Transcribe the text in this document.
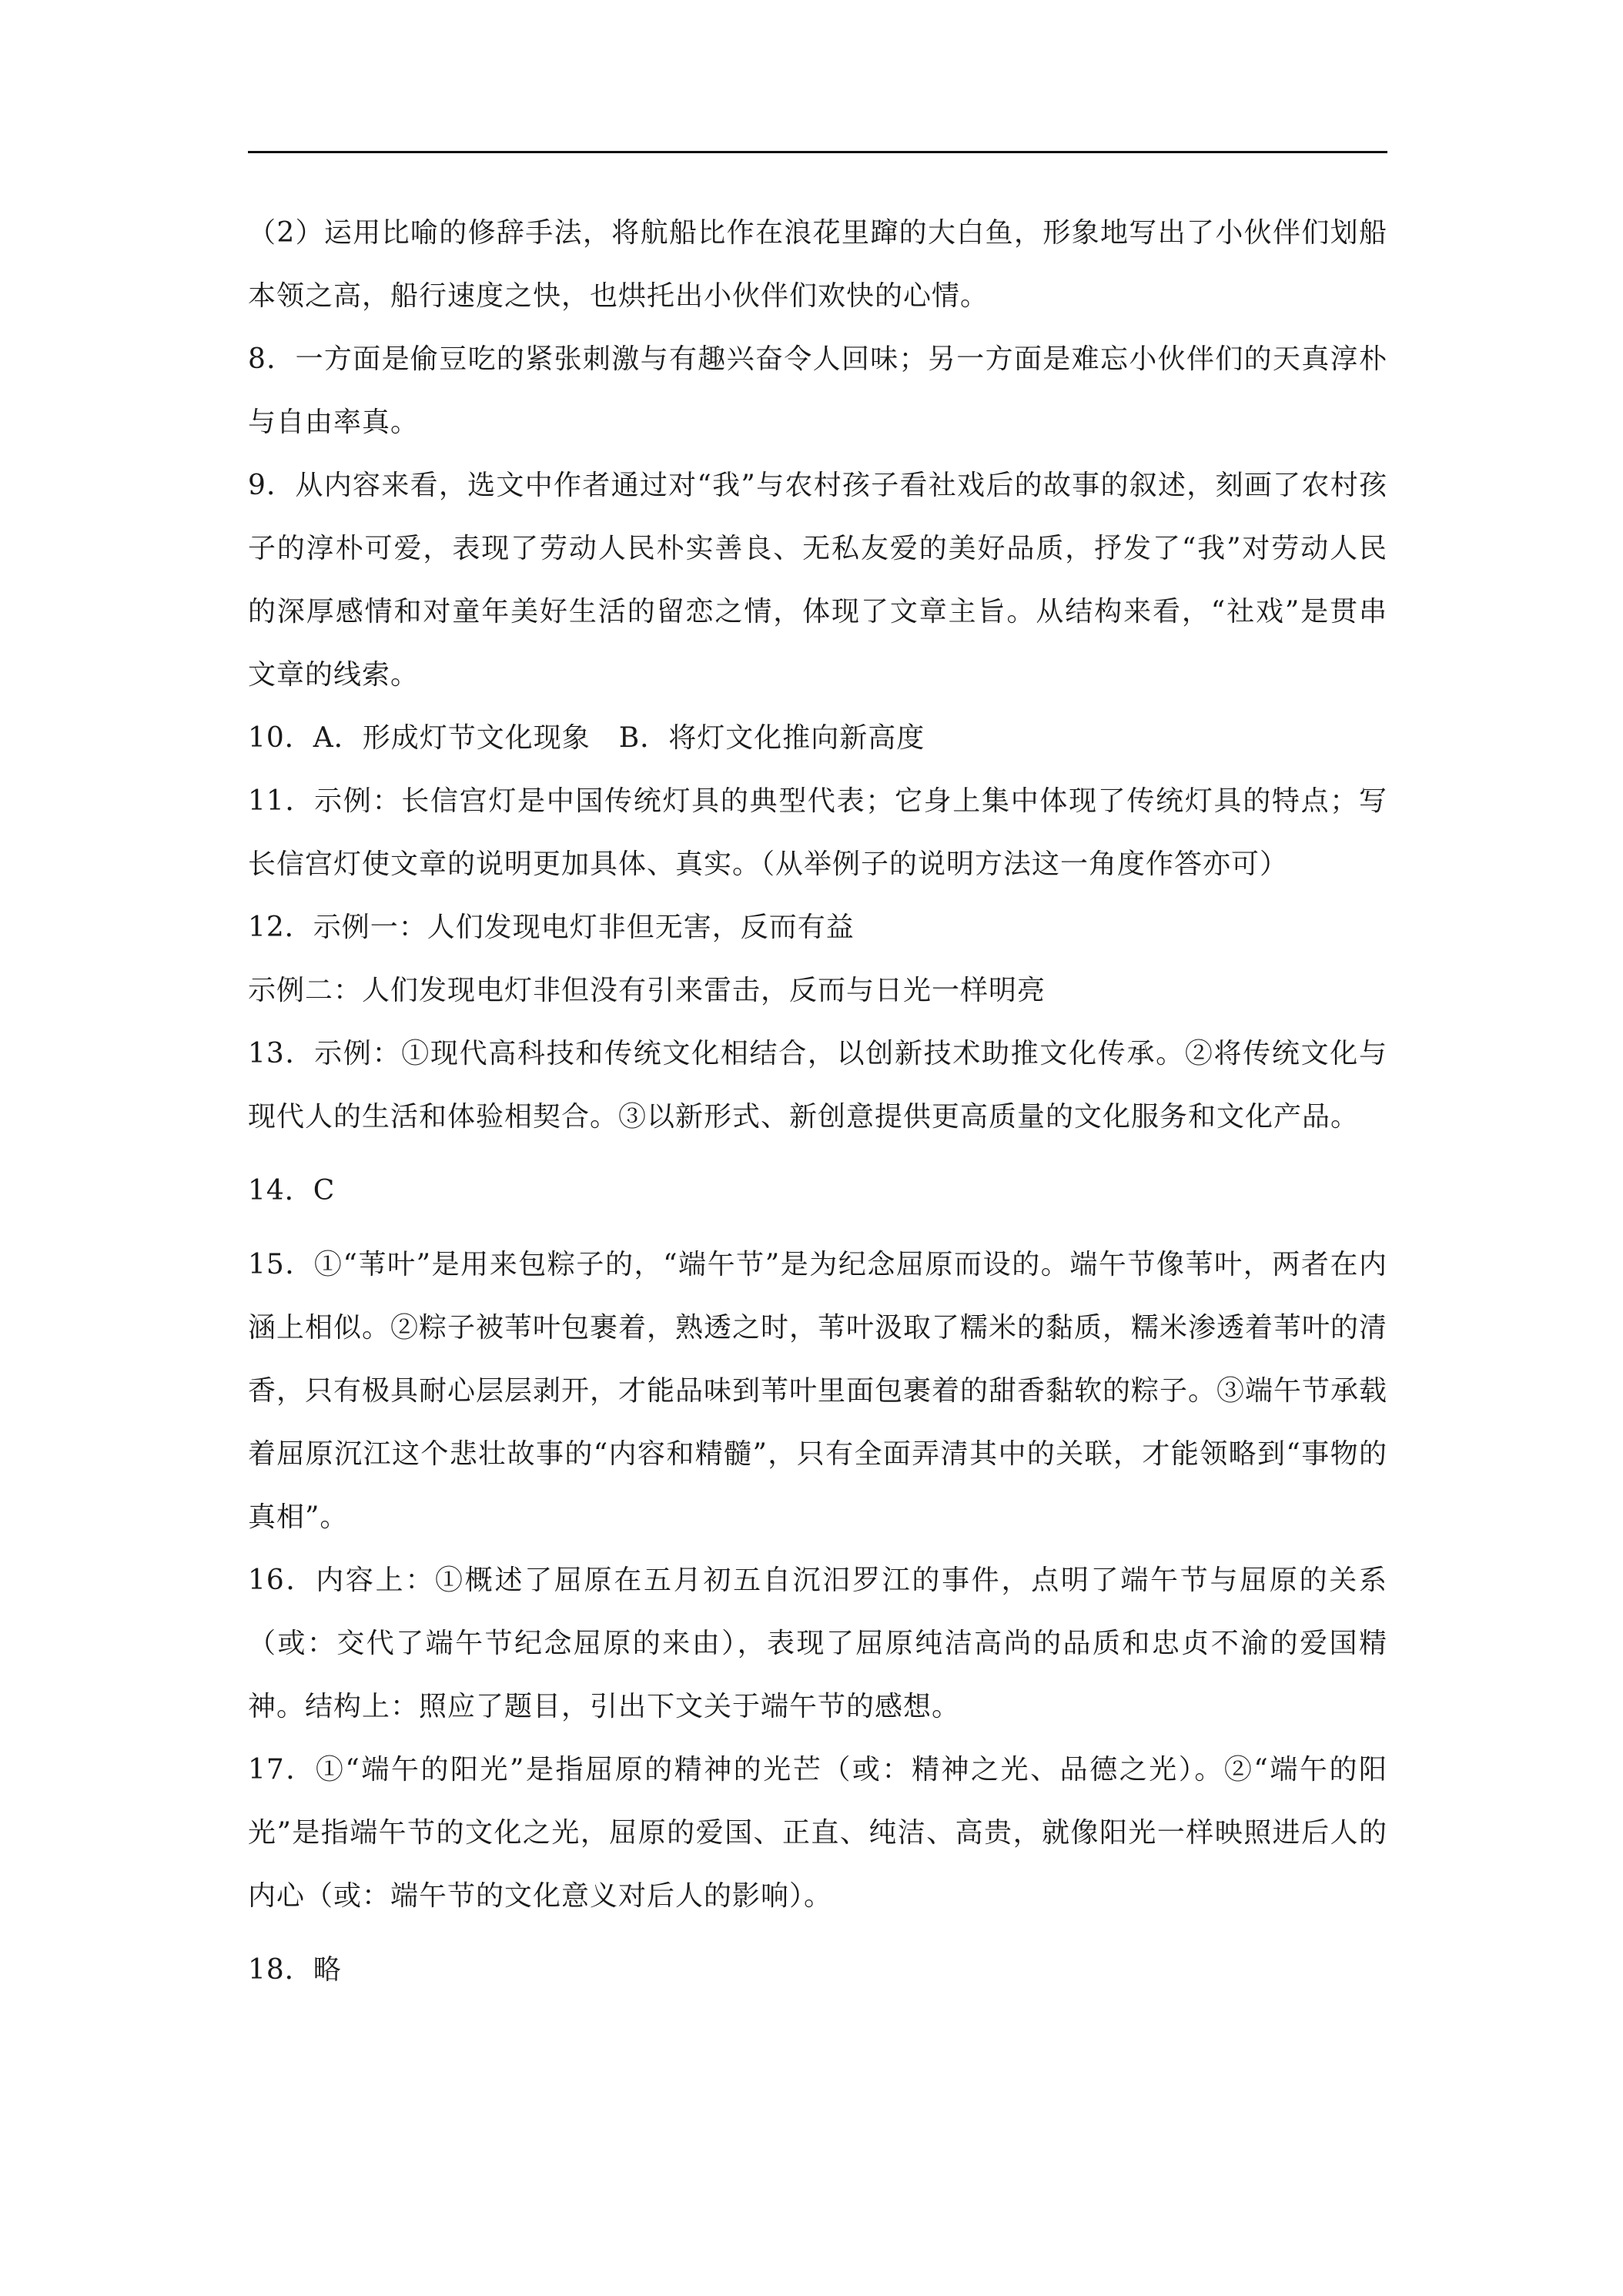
（2）运用比喻的修辞手法，将航船比作在浪花里蹿的大白鱼，形象地写出了小伙伴们划船本领之高，船行速度之快，也烘托出小伙伴们欢快的心情。

8．一方面是偷豆吃的紧张刺激与有趣兴奋令人回味；另一方面是难忘小伙伴们的天真淳朴与自由率真。

9．从内容来看，选文中作者通过对“我”与农村孩子看社戏后的故事的叙述，刻画了农村孩子的淳朴可爱，表现了劳动人民朴实善良、无私友爱的美好品质，抒发了“我”对劳动人民的深厚感情和对童年美好生活的留恋之情，体现了文章主旨。从结构来看，“社戏”是贯串文章的线索。

10．A．形成灯节文化现象　B．将灯文化推向新高度

11．示例：长信宫灯是中国传统灯具的典型代表；它身上集中体现了传统灯具的特点；写长信宫灯使文章的说明更加具体、真实。（从举例子的说明方法这一角度作答亦可）

12．示例一：人们发现电灯非但无害，反而有益

示例二：人们发现电灯非但没有引来雷击，反而与日光一样明亮

13．示例：①现代高科技和传统文化相结合，以创新技术助推文化传承。②将传统文化与现代人的生活和体验相契合。③以新形式、新创意提供更高质量的文化服务和文化产品。

14．C

15．①“苇叶”是用来包粽子的，“端午节”是为纪念屈原而设的。端午节像苇叶，两者在内涵上相似。②粽子被苇叶包裹着，熟透之时，苇叶汲取了糯米的黏质，糯米渗透着苇叶的清香，只有极具耐心层层剥开，才能品味到苇叶里面包裹着的甜香黏软的粽子。③端午节承载着屈原沉江这个悲壮故事的“内容和精髓”，只有全面弄清其中的关联，才能领略到“事物的真相”。

16．内容上：①概述了屈原在五月初五自沉汨罗江的事件，点明了端午节与屈原的关系（或：交代了端午节纪念屈原的来由），表现了屈原纯洁高尚的品质和忠贞不渝的爱国精神。结构上：照应了题目，引出下文关于端午节的感想。

17．①“端午的阳光”是指屈原的精神的光芒（或：精神之光、品德之光）。②“端午的阳光”是指端午节的文化之光，屈原的爱国、正直、纯洁、高贵，就像阳光一样映照进后人的内心（或：端午节的文化意义对后人的影响）。

18．略
